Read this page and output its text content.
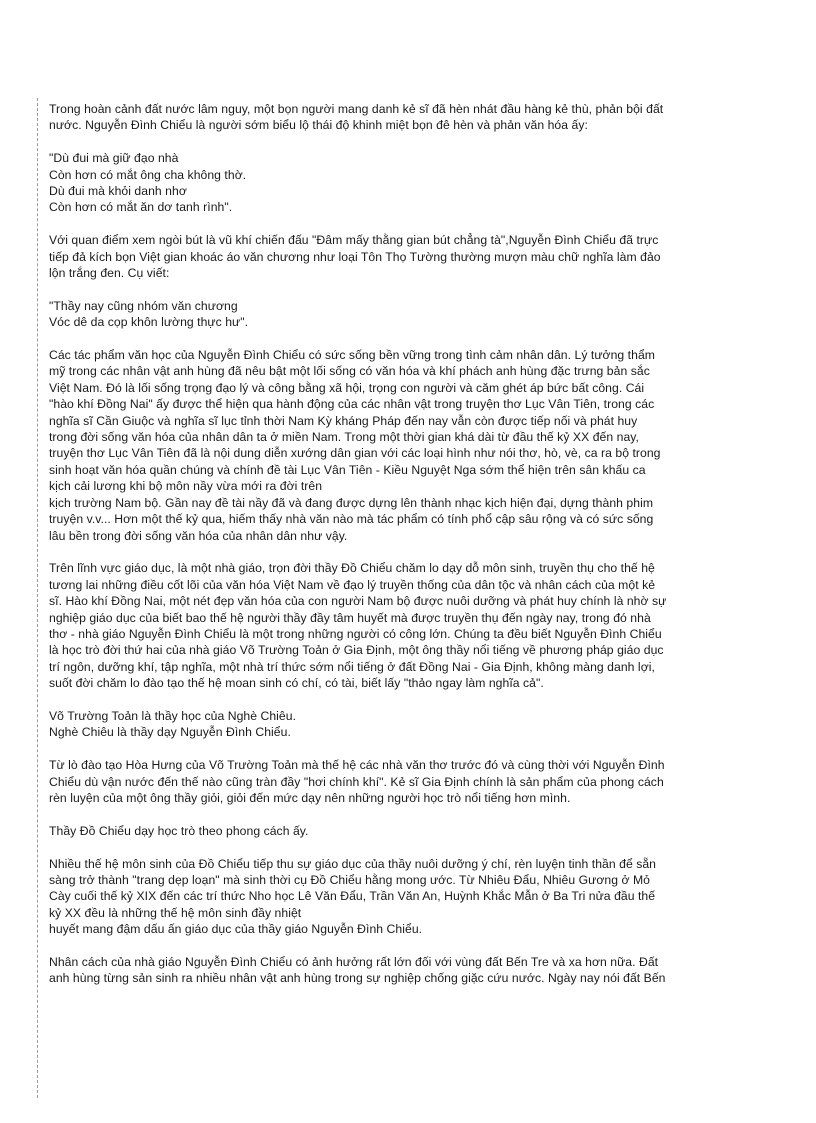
Trong hoàn cảnh đất nước lâm nguy, một bọn người mang danh kẻ sĩ đã hèn nhát đầu hàng kẻ thù, phản bội đất
nước. Nguyễn Đình Chiểu là người sớm biểu lộ thái độ khinh miệt bọn đê hèn và phản văn hóa ấy:
"Dù đui mà giữ đạo nhà
Còn hơn có mắt ông cha không thờ.
Dù đui mà khỏi danh nhơ
Còn hơn có mắt ăn dơ tanh rình".
Với quan điểm xem ngòi bút là vũ khí chiến đấu "Đâm mấy thằng gian bút chẳng tà",Nguyễn Đình Chiểu đã trực
tiếp đả kích bọn Việt gian khoác áo văn chương như loại Tôn Thọ Tường thường mượn màu chữ nghĩa làm đảo
lộn trắng đen. Cụ viết:
"Thầy nay cũng nhóm văn chương
Vóc dê da cọp khôn lường thực hư".
Các tác phẩm văn học của Nguyễn Đình Chiểu có sức sống bền vững trong tình cảm nhân dân. Lý tưởng thẩm
mỹ trong các nhân vật anh hùng đã nêu bật một lối sống có văn hóa và khí phách anh hùng đặc trưng bản sắc
Việt Nam. Đó là lối sống trọng đạo lý và công bằng xã hội, trọng con người và căm ghét áp bức bất công. Cái
"hào khí Đồng Nai" ấy được thể hiện qua hành động của các nhân vật trong truyện thơ Lục Vân Tiên, trong các
nghĩa sĩ Cần Giuộc và nghĩa sĩ lục tỉnh thời Nam Kỳ kháng Pháp đến nay vẫn còn được tiếp nối và phát huy
trong đời sống văn hóa của nhân dân ta ở miền Nam. Trong một thời gian khá dài từ đầu thế kỷ XX đến nay,
truyện thơ Lục Vân Tiên đã là nội dung diễn xướng dân gian với các loại hình như nói thơ, hò, vè, ca ra bộ trong
sinh hoạt văn hóa quần chúng và chính đề tài Lục Vân Tiên - Kiều Nguyệt Nga sớm thể hiện trên sân khấu ca
kịch cải lương khi bộ môn nầy vừa mới ra đời trên
kịch trường Nam bộ. Gần nay đề tài nầy đã và đang được dựng lên thành nhạc kịch hiện đại, dựng thành phim
truyện v.v... Hơn một thế kỷ qua, hiếm thấy nhà văn nào mà tác phẩm có tính phổ cập sâu rộng và có sức sống
lâu bền trong đời sống văn hóa của nhân dân như vậy.
Trên lĩnh vực giáo dục, là một nhà giáo, trọn đời thầy Đồ Chiểu chăm lo dạy dỗ môn sinh, truyền thụ cho thế hệ
tương lai những điều cốt lõi của văn hóa Việt Nam về đạo lý truyền thống của dân tộc và nhân cách của một kẻ
sĩ. Hào khí Đồng Nai, một nét đẹp văn hóa của con người Nam bộ được nuôi dưỡng và phát huy chính là nhờ sự
nghiệp giáo dục của biết bao thế hệ người thầy đầy tâm huyết mà được truyền thụ đến ngày nay, trong đó nhà
thơ - nhà giáo Nguyễn Đình Chiểu là một trong những người có công lớn. Chúng ta đều biết Nguyễn Đình Chiểu
là học trò đời thứ hai của nhà giáo Võ Trường Toản ở Gia Định, một ông thầy nổi tiếng về phương pháp giáo dục
trí ngôn, dưỡng khí, tập nghĩa, một nhà trí thức sớm nổi tiếng ở đất Đồng Nai - Gia Định, không màng danh lợi,
suốt đời chăm lo đào tạo thế hệ moan sinh có chí, có tài, biết lấy "thảo ngay làm nghĩa cả".
Võ Trường Toản là thầy học của Nghè Chiêu.
Nghè Chiêu là thầy dạy Nguyễn Đình Chiểu.
Từ lò đào tạo Hòa Hưng của Võ Trường Toản mà thế hệ các nhà văn thơ trước đó và cùng thời với Nguyễn Đình
Chiểu dù vận nước đến thế nào cũng tràn đầy "hơi chính khí". Kẻ sĩ Gia Định chính là sản phẩm của phong cách
rèn luyện của một ông thầy giỏi, giỏi đến mức dạy nên những người học trò nổi tiếng hơn mình.
Thầy Đồ Chiểu dạy học trò theo phong cách ấy.
Nhiều thế hệ môn sinh của Đồ Chiểu tiếp thu sự giáo dục của thầy nuôi dưỡng ý chí, rèn luyện tinh thần để sẵn
sàng trở thành "trang dẹp loạn" mà sinh thời cụ Đồ Chiểu hằng mong ước. Từ Nhiêu Đẩu, Nhiêu Gương ở Mỏ
Cày cuối thế kỷ XIX đến các trí thức Nho học Lê Văn Đẩu, Trần Văn An, Huỳnh Khắc Mẫn ở Ba Tri nửa đầu thế
kỷ XX đều là những thế hệ môn sinh đầy nhiệt
huyết mang đậm dấu ấn giáo dục của thầy giáo Nguyễn Đình Chiểu.
Nhân cách của nhà giáo Nguyễn Đình Chiểu có ảnh hưởng rất lớn đối với vùng đất Bến Tre và xa hơn nữa. Đất
anh hùng từng sản sinh ra nhiều nhân vật anh hùng trong sự nghiệp chống giặc cứu nước. Ngày nay nói đất Bến
